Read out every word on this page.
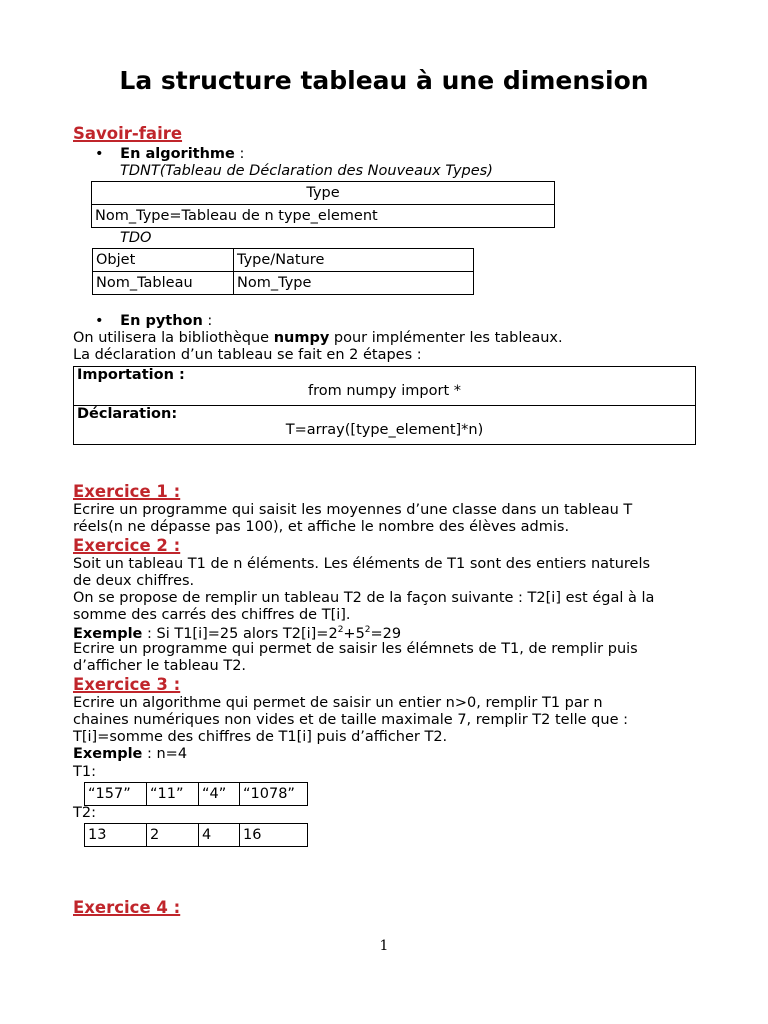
La structure tableau à une dimension
Savoir-faire
• En algorithme :
TDNT(Tableau de Déclaration des Nouveaux Types)
Type
Nom_Type=Tableau de n type_element
TDO
Objet	Type/Nature
Nom_Tableau	Nom_Type
• En python :
On utilisera la bibliothèque numpy pour implémenter les tableaux.
La déclaration d’un tableau se fait en 2 étapes :
Importation :
from numpy import *

Déclaration:
T=array([type_element]*n)
Exercice 1 :
Ecrire un programme qui saisit les moyennes d’une classe dans un tableau T
réels(n ne dépasse pas 100), et affiche le nombre des élèves admis.
Exercice 2 :
Soit un tableau T1 de n éléments. Les éléments de T1 sont des entiers naturels
de deux chiffres.
On se propose de remplir un tableau T2 de la façon suivante : T2[i] est égal à la
somme des carrés des chiffres de T[i].
Exemple : Si T1[i]=25 alors $T2[i]=2^2+5^2=29$
Ecrire un programme qui permet de saisir les élémnets de T1, de remplir puis
d’afficher le tableau T2.
Exercice 3 :
Ecrire un algorithme qui permet de saisir un entier n>0, remplir T1 par n
chaines numériques non vides et de taille maximale 7, remplir T2 telle que :
T[i]=somme des chiffres de T1[i] puis d’afficher T2.
Exemple : n=4
T1:
“157”	“11”	“4”	“1078”
T2:
13	2	4	16
Exercice 4 :
1
